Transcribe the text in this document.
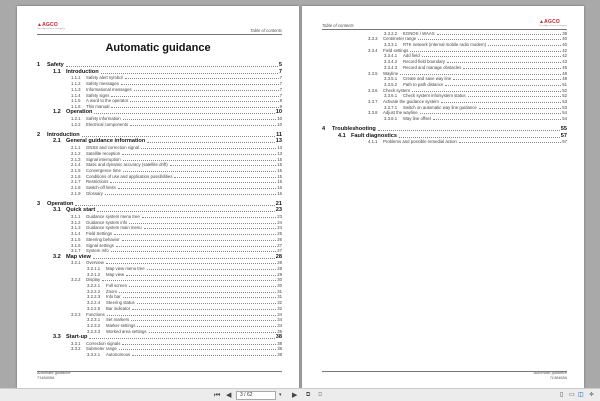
▲AGCO
Your Agriculture Company	Table of contents
Automatic guidance
1	Safety	5
1.1 Introduction	7
1.1.1	Safety alert symbol	7
1.1.2	Safety messages	7
1.1.3	Informational messages	7
1.1.4	Safety signs	7
1.1.5	A word to the operator	8
1.1.6	This manual	9
1.2 Operation	10
1.2.1	Safety information	10
1.2.2	Electrical components	10
2	Introduction	11
2.1 General guidance information	13
2.1.1	GNSS and correction signal	13
2.1.2	Satellite reception	13
2.1.3	Signal interruption	15
2.1.4	Static and dynamic accuracy (satellite drift)	15
2.1.5	Convergence time	15
2.1.6	Conditions of use and application possibilities	15
2.1.7	Restrictions	15
2.1.8	Switch-off limits	16
2.1.9	Glossary	16
3	Operation	21
3.1 Quick start	23
3.1.1	Guidance system menu tree	23
3.1.2	Guidance system info	24
3.1.3	Guidance system main menu	24
3.1.4	Field Settings	25
3.1.5	Steering behavior	26
3.1.6	Signal settings	27
3.1.7	System Info	27
3.2 Map view	28
3.2.1	Overview	28
3.2.1.1	Map view menu tree	28
3.2.1.2	Map view	29
3.2.2	Display	30
3.2.2.1	Full screen	30
3.2.2.2	Zoom	31
3.2.2.3	Info bar	31
3.2.2.4	Steering status	32
3.2.2.5	Bar indicator	32
3.2.3	Functions	34
3.2.3.1	Set markers	34
3.2.3.2	Marker settings	34
3.2.3.3	Worked area settings	35
3.3 Start-up	38
3.3.1	Correction signals	38
3.3.2	Submeter range	38
3.3.2.1	Autonomous	38
Automatic guidance
7148468A
Table of contents
▲AGCO
Your Agriculture Company
3.3.2.2	EGNOS / WAAS	39
3.3.3	Centimeter range	40
3.3.3.1	RTK network (internal mobile radio modem)	40
3.3.4	Field settings	42
3.3.4.1	Add field	42
3.3.4.2	Record field boundary	43
3.3.4.3	Record and manage obstacles	45
3.3.5	Wayline	48
3.3.5.1	Create and save way line	48
3.3.5.2	Path to path distance	51
3.3.6	Check system	52
3.3.6.1	Check system info/system status	52
3.3.7	Activate the guidance system	53
3.3.7.1	Switch on automatic way line guidance	53
3.3.8	Adjust the wayline	54
3.3.8.1	Way line offset	54
4	Troubleshooting	55
4.1 Fault diagnostics	57
4.1.1	Problems and possible remedial action	57
Automatic guidance
7148468A
⏮ ◀	3 / 62	▾ ▶ ⧉ ⧉	▯ ▭ ◫ ≑
